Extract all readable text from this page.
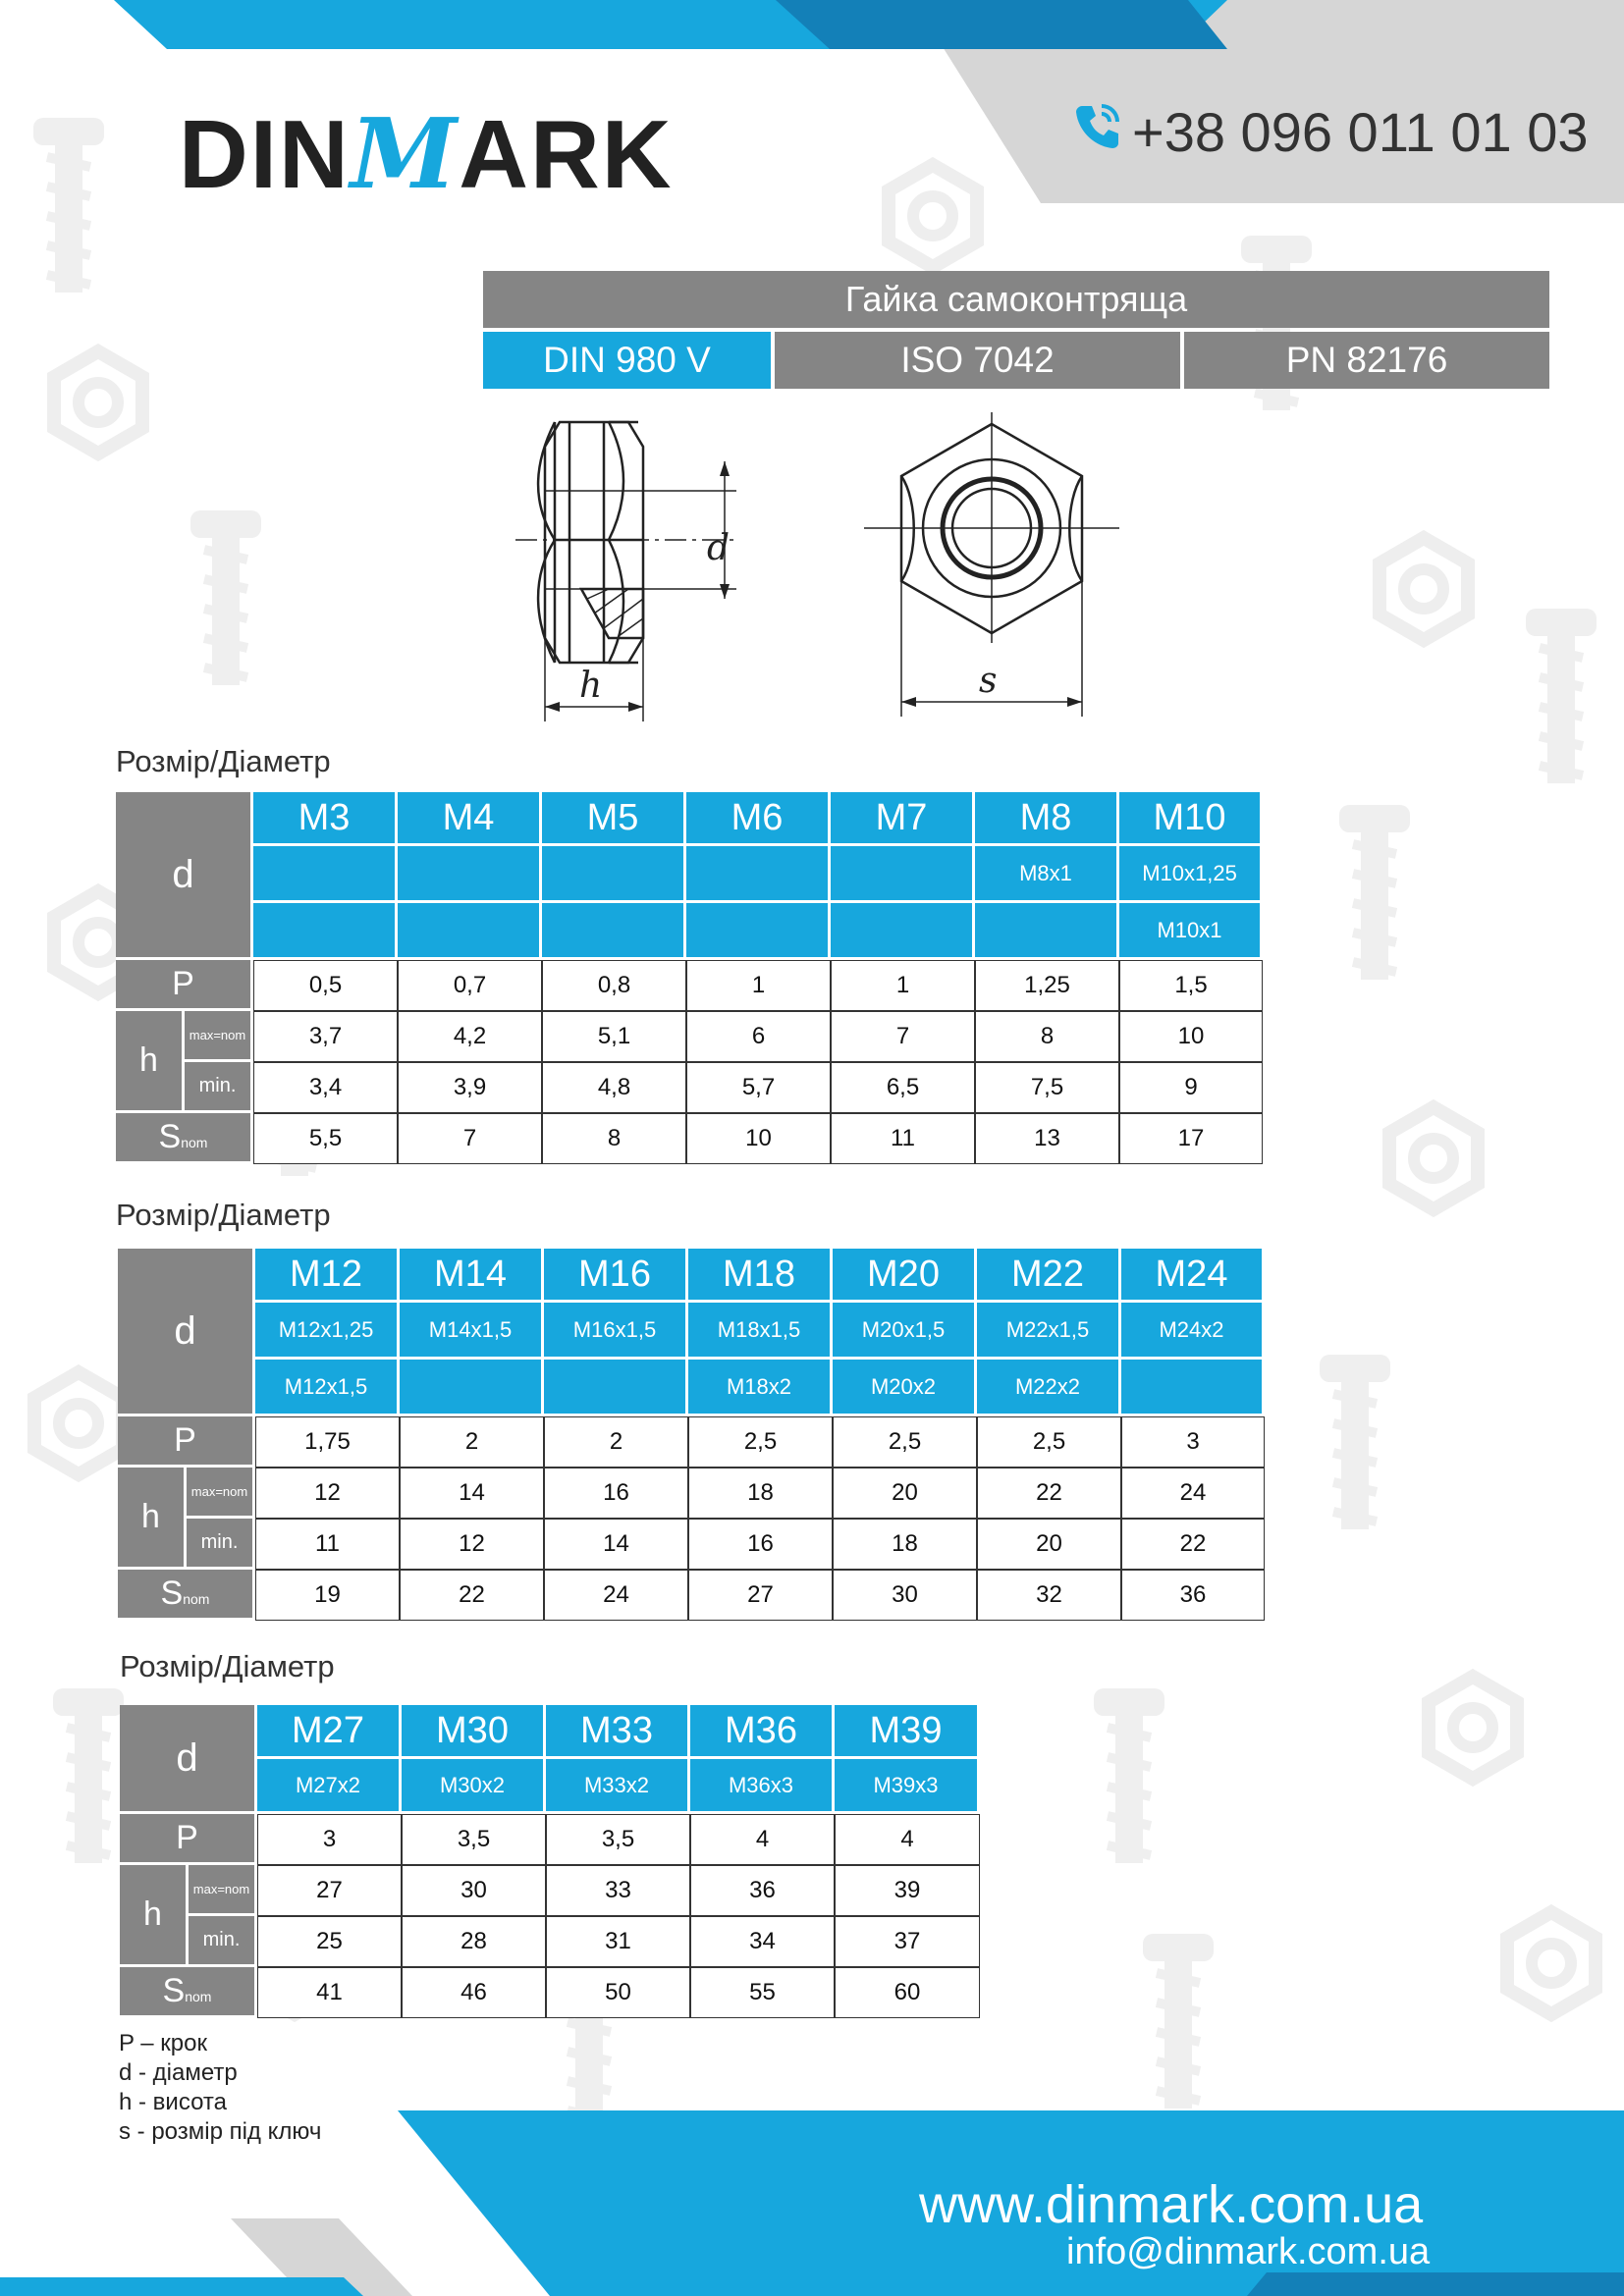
DINMARK	+38 096 011 01 03
Гайка самоконтряща
DIN 980 V	ISO 7042	PN 82176
d
h	s
Розмір/Діаметр
d		M3	M4	M5	M6	M7	M8	M10
							M8x1	M10x1,25
								M10x1
P		0,5	0,7	0,8	1	1	1,25	1,5
h	max=nom	3,7	4,2	5,1	6	7	8	10
	min.	3,4	3,9	4,8	5,7	6,5	7,5	9
Snom		5,5	7	8	10	11	13	17
Розмір/Діаметр
d		M12	M14	M16	M18	M20	M22	M24
		M12x1,25	M14x1,5	M16x1,5	M18x1,5	M20x1,5	M22x1,5	M24x2
		M12x1,5			M18x2	M20x2	M22x2	
P		1,75	2	2	2,5	2,5	2,5	3
h	max=nom	12	14	16	18	20	22	24
	min.	11	12	14	16	18	20	22
Snom		19	22	24	27	30	32	36
Розмір/Діаметр
d		M27	M30	M33	M36	M39
		M27x2	M30x2	M33x2	M36x3	M39x3
P		3	3,5	3,5	4	4
h	max=nom	27	30	33	36	39
	min.	25	28	31	34	37
Snom		41	46	50	55	60
P – крок
d - діаметр
h - висота
s - розмір під ключ
www.dinmark.com.ua
info@dinmark.com.ua
